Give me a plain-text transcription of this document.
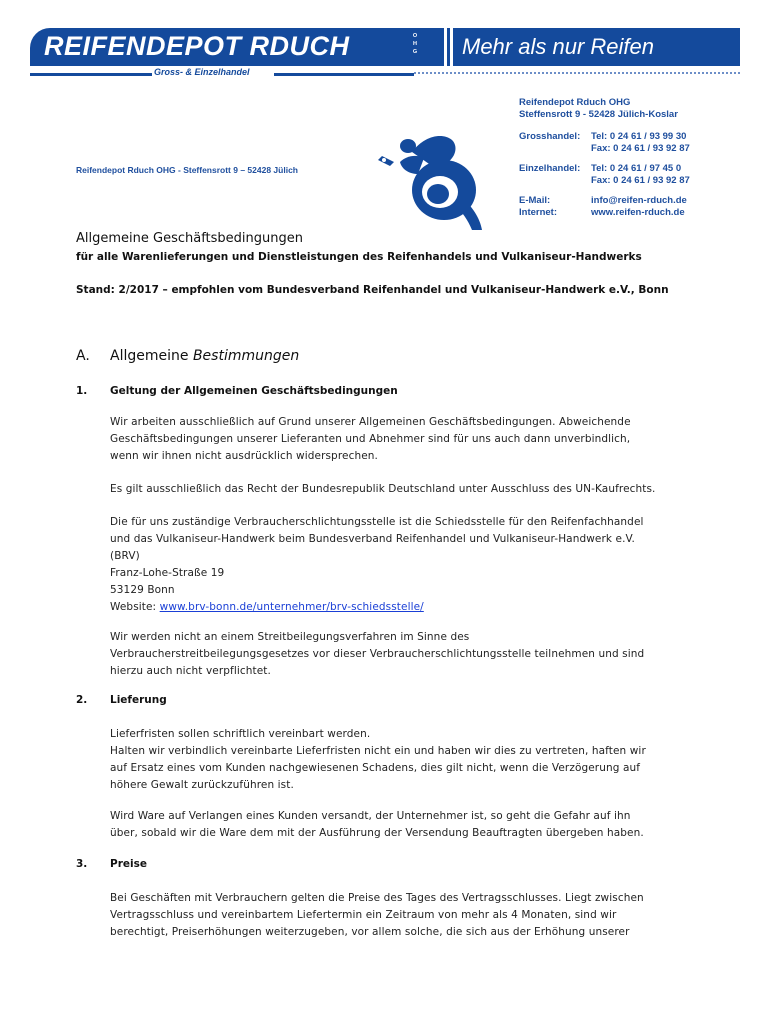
REIFENDEPOT RDUCH	OHG Mehr als nur Reifen
Gross- & Einzelhandel
Reifendepot Rduch OHG - Steffensrott 9 – 52428 Jülich
Reifendepot Rduch OHG
Steffensrott 9 - 52428 Jülich-Koslar
Grosshandel: Tel: 0 24 61 / 93 99 30
Fax: 0 24 61 / 93 92 87
Einzelhandel: Tel: 0 24 61 / 97 45 0
Fax: 0 24 61 / 93 92 87
E-Mail:	info@reifen-rduch.de
Internet:	www.reifen-rduch.de
Allgemeine Geschäftsbedingungen
für alle Warenlieferungen und Dienstleistungen des Reifenhandels und Vulkaniseur-Handwerks
Stand: 2/2017 – empfohlen vom Bundesverband Reifenhandel und Vulkaniseur-Handwerk e.V., Bonn
A. Allgemeine Bestimmungen
1. Geltung der Allgemeinen Geschäftsbedingungen
Wir arbeiten ausschließlich auf Grund unserer Allgemeinen Geschäftsbedingungen. Abweichende
Geschäftsbedingungen unserer Lieferanten und Abnehmer sind für uns auch dann unverbindlich,
wenn wir ihnen nicht ausdrücklich widersprechen.
Es gilt ausschließlich das Recht der Bundesrepublik Deutschland unter Ausschluss des UN-Kaufrechts.
Die für uns zuständige Verbraucherschlichtungsstelle ist die Schiedsstelle für den Reifenfachhandel
und das Vulkaniseur-Handwerk beim Bundesverband Reifenhandel und Vulkaniseur-Handwerk e.V.
(BRV)
Franz-Lohe-Straße 19
53129 Bonn
Website: www.brv-bonn.de/unternehmer/brv-schiedsstelle/
Wir werden nicht an einem Streitbeilegungsverfahren im Sinne des
Verbraucherstreitbeilegungsgesetzes vor dieser Verbraucherschlichtungsstelle teilnehmen und sind
hierzu auch nicht verpflichtet.
2. Lieferung
Lieferfristen sollen schriftlich vereinbart werden.
Halten wir verbindlich vereinbarte Lieferfristen nicht ein und haben wir dies zu vertreten, haften wir
auf Ersatz eines vom Kunden nachgewiesenen Schadens, dies gilt nicht, wenn die Verzögerung auf
höhere Gewalt zurückzuführen ist.
Wird Ware auf Verlangen eines Kunden versandt, der Unternehmer ist, so geht die Gefahr auf ihn
über, sobald wir die Ware dem mit der Ausführung der Versendung Beauftragten übergeben haben.
3. Preise
Bei Geschäften mit Verbrauchern gelten die Preise des Tages des Vertragsschlusses. Liegt zwischen
Vertragsschluss und vereinbartem Liefertermin ein Zeitraum von mehr als 4 Monaten, sind wir
berechtigt, Preiserhöhungen weiterzugeben, vor allem solche, die sich aus der Erhöhung unserer
